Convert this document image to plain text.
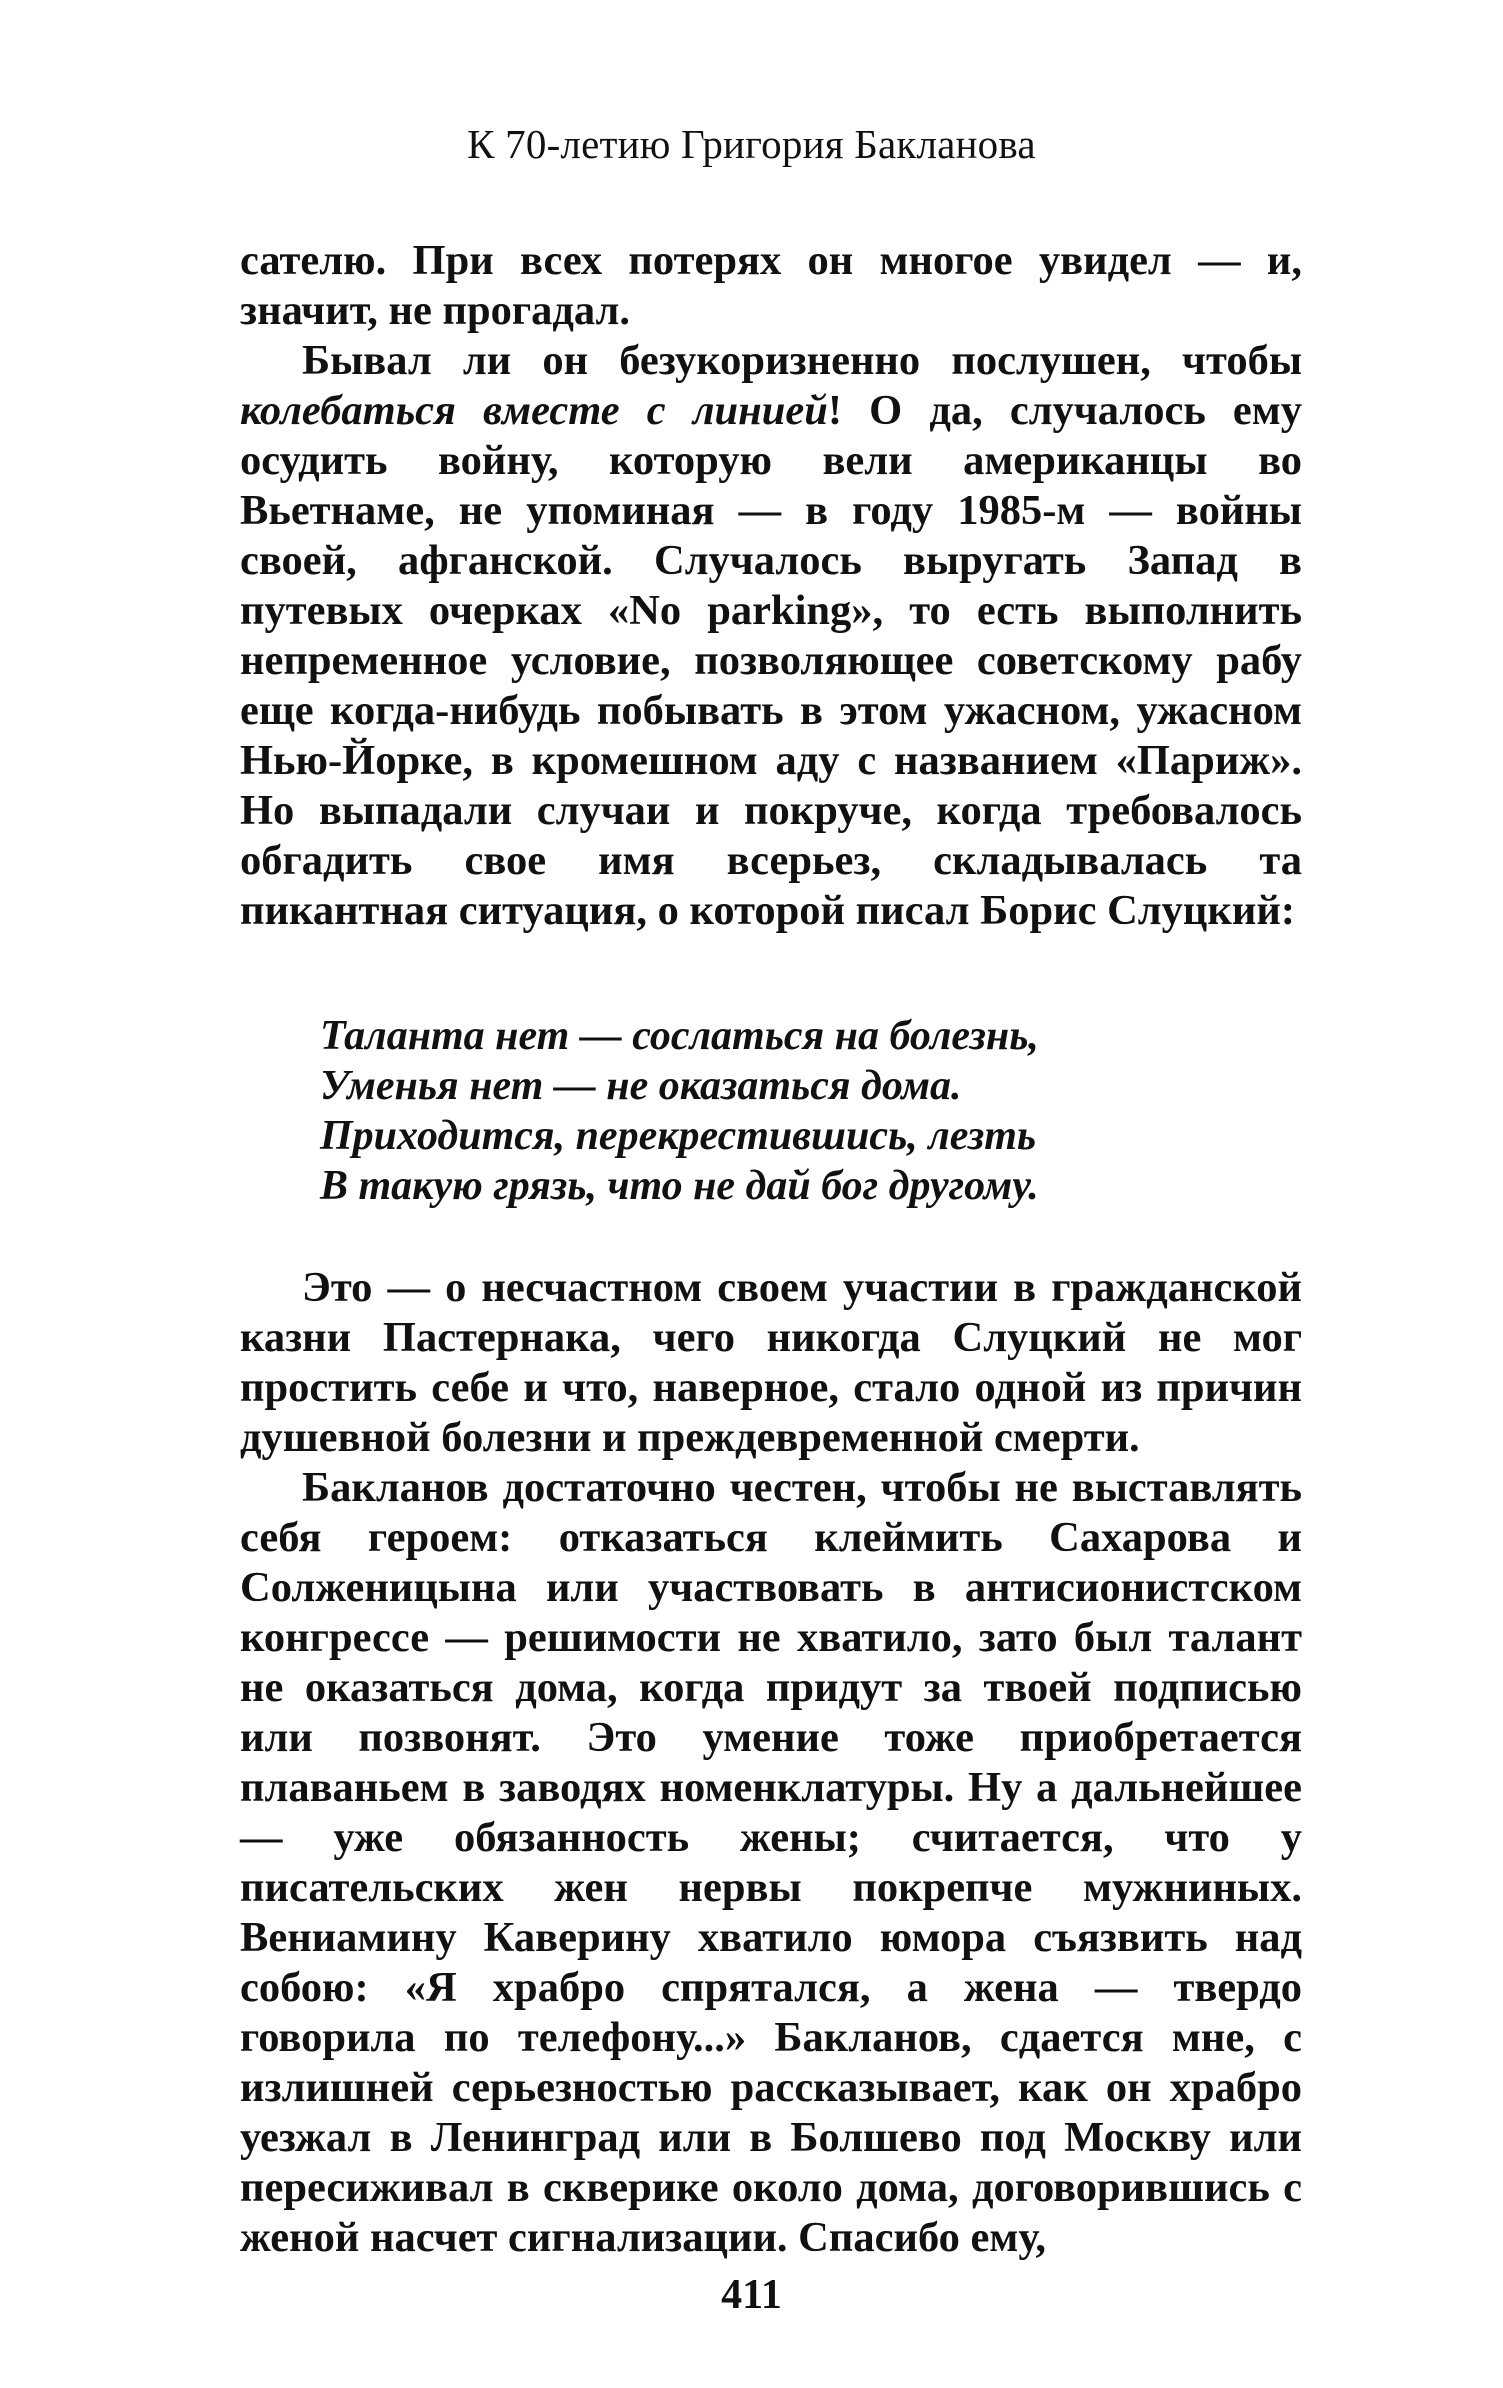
К 70-летию Григория Бакланова

сателю. При всех потерях он многое увидел — и, значит, не прогадал.

Бывал ли он безукоризненно послушен, чтобы колебаться вместе с линией! О да, случалось ему осудить войну, которую вели американцы во Вьетнаме, не упоминая — в году 1985-м — войны своей, афганской. Случалось выругать Запад в путевых очерках «No parking», то есть выполнить непременное условие, позволяющее советскому рабу еще когда-нибудь побывать в этом ужасном, ужасном Нью-Йорке, в кромешном аду с названием «Париж». Но выпадали случаи и покруче, когда требовалось обгадить свое имя всерьез, складывалась та пикантная ситуация, о которой писал Борис Слуцкий:

Таланта нет — сослаться на болезнь,
Уменья нет — не оказаться дома.
Приходится, перекрестившись, лезть
В такую грязь, что не дай бог другому.

Это — о несчастном своем участии в гражданской казни Пастернака, чего никогда Слуцкий не мог простить себе и что, наверное, стало одной из причин душевной болезни и преждевременной смерти.

Бакланов достаточно честен, чтобы не выставлять себя героем: отказаться клеймить Сахарова и Солженицына или участвовать в антисионистском конгрессе — решимости не хватило, зато был талант не оказаться дома, когда придут за твоей подписью или позвонят. Это умение тоже приобретается плаваньем в заводях номенклатуры. Ну а дальнейшее — уже обязанность жены; считается, что у писательских жен нервы покрепче мужниных. Вениамину Каверину хватило юмора съязвить над собою: «Я храбро спрятался, а жена — твердо говорила по телефону...» Бакланов, сдается мне, с излишней серьезностью рассказывает, как он храбро уезжал в Ленинград или в Болшево под Москву или пересиживал в скверике около дома, договорившись с женой насчет сигнализации. Спасибо ему,

411
